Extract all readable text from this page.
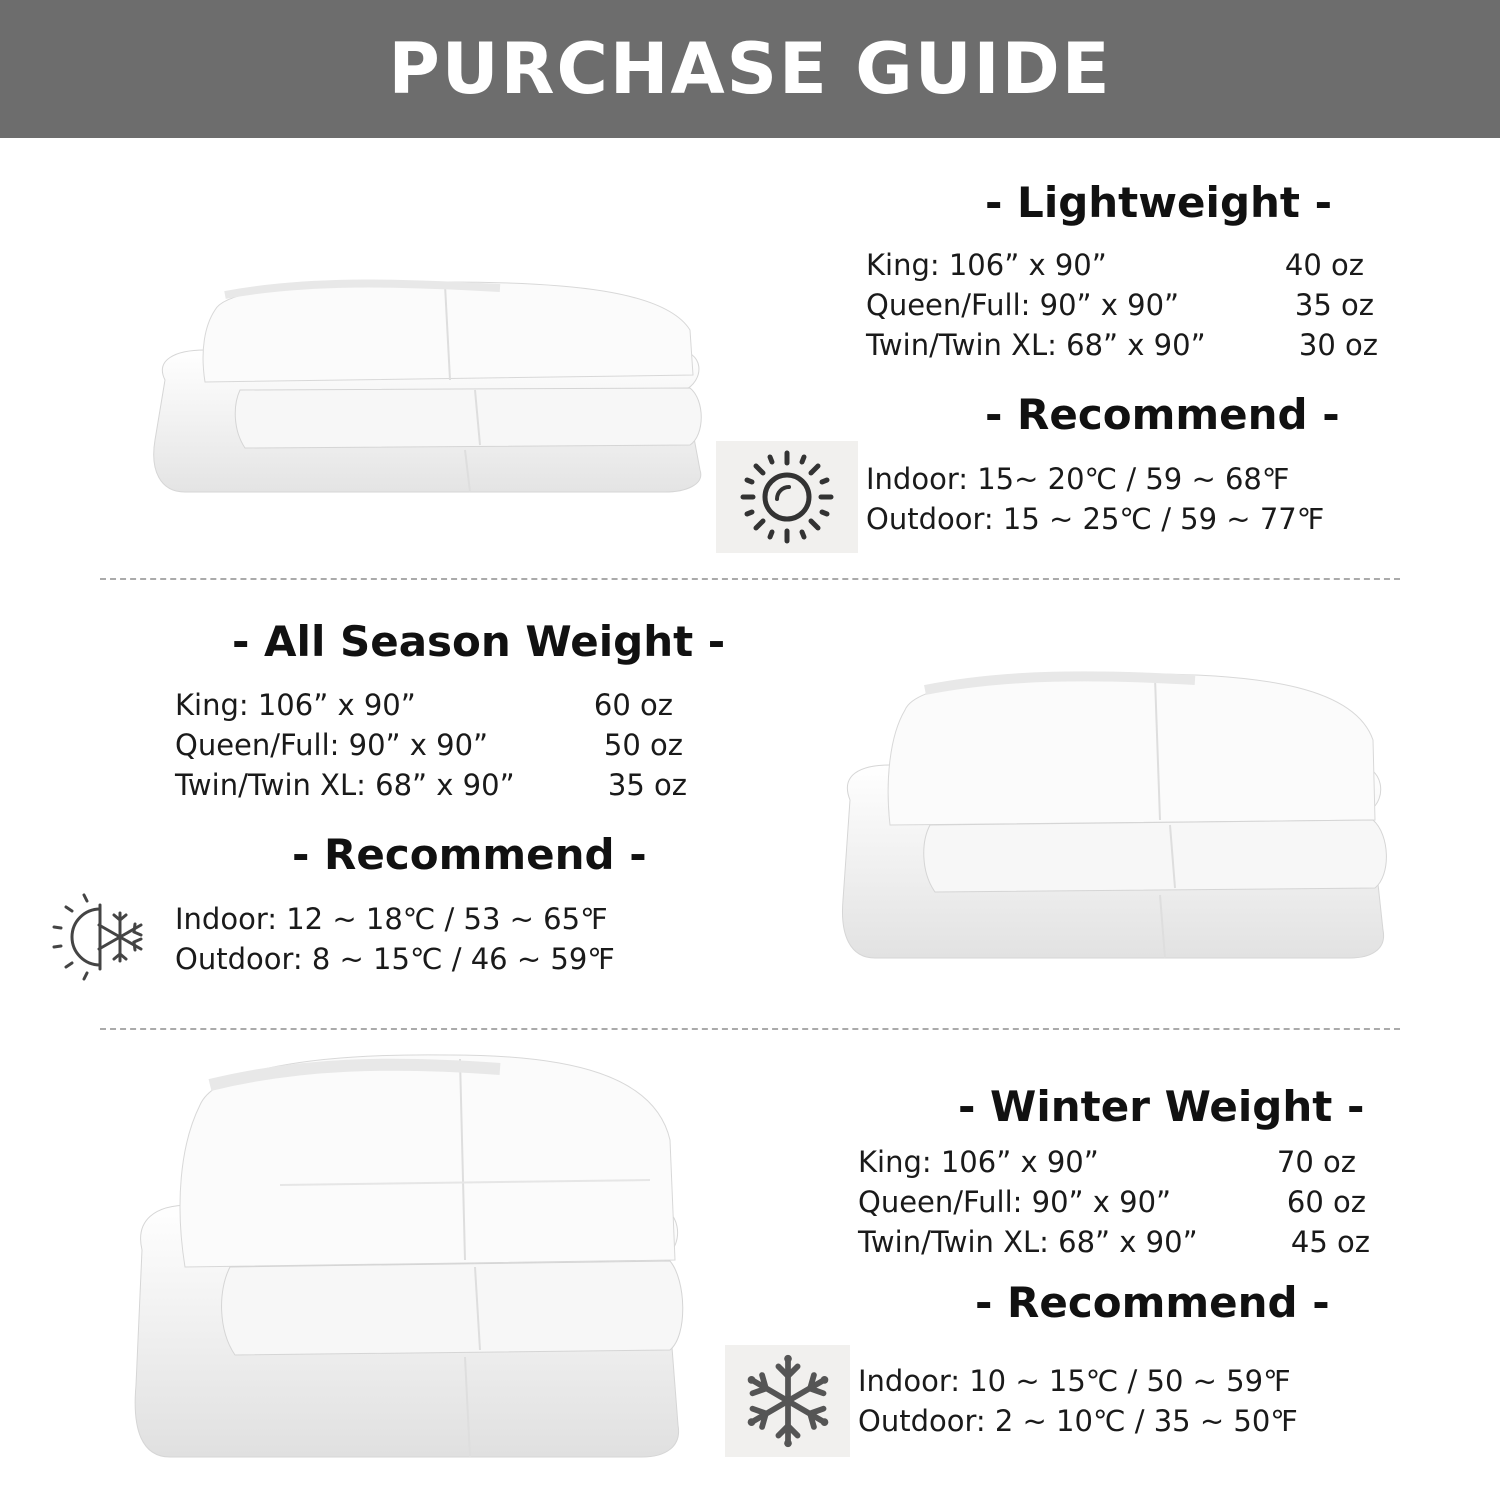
PURCHASE GUIDE
- Lightweight -
King: 106” x 90”	40 oz
Queen/Full: 90” x 90”	35 oz
Twin/Twin XL: 68” x 90”	30 oz
- Recommend -
Indoor: 15~ 20℃ / 59 ~ 68℉
Outdoor: 15 ~ 25℃ / 59 ~ 77℉
- All Season Weight -
King: 106” x 90”	60 oz
Queen/Full: 90” x 90”	50 oz
Twin/Twin XL: 68” x 90”	35 oz
- Recommend -
Indoor: 12 ~ 18℃ / 53 ~ 65℉
Outdoor: 8 ~ 15℃ / 46 ~ 59℉
- Winter Weight -
King: 106” x 90”	70 oz
Queen/Full: 90” x 90”	60 oz
Twin/Twin XL: 68” x 90”	45 oz
- Recommend -
Indoor: 10 ~ 15℃ / 50 ~ 59℉
Outdoor: 2 ~ 10℃ / 35 ~ 50℉
